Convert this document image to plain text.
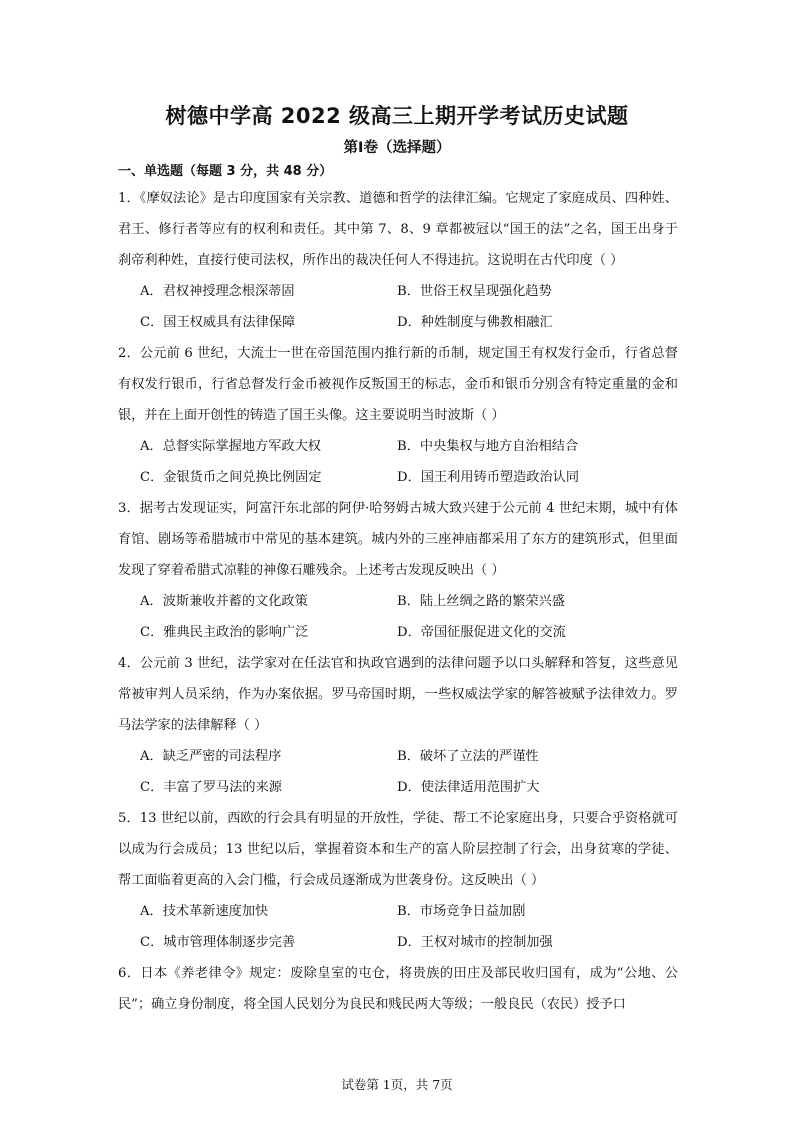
树德中学高 2022 级高三上期开学考试历史试题
第Ⅰ卷（选择题）
一、单选题（每题 3 分，共 48 分）

1．《摩奴法论》是古印度国家有关宗教、道德和哲学的法律汇编。它规定了家庭成员、四种姓、君王、修行者等应有的权利和责任。其中第 7、8、9 章都被冠以“国王的法”之名，国王出身于刹帝利种姓，直接行使司法权，所作出的裁决任何人不得违抗。这说明在古代印度（ ）

A．君权神授理念根深蒂固	B．世俗王权呈现强化趋势
C．国王权威具有法律保障	D．种姓制度与佛教相融汇

2．公元前 6 世纪，大流士一世在帝国范围内推行新的币制，规定国王有权发行金币，行省总督有权发行银币，行省总督发行金币被视作反叛国王的标志，金币和银币分别含有特定重量的金和银，并在上面开创性的铸造了国王头像。这主要说明当时波斯（ ）

A．总督实际掌握地方军政大权	B．中央集权与地方自治相结合
C．金银货币之间兑换比例固定	D．国王利用铸币塑造政治认同

3．据考古发现证实，阿富汗东北部的阿伊·哈努姆古城大致兴建于公元前 4 世纪末期，城中有体育馆、剧场等希腊城市中常见的基本建筑。城内外的三座神庙都采用了东方的建筑形式，但里面发现了穿着希腊式凉鞋的神像石雕残余。上述考古发现反映出（ ）

A．波斯兼收并蓄的文化政策	B．陆上丝绸之路的繁荣兴盛
C．雅典民主政治的影响广泛	D．帝国征服促进文化的交流

4．公元前 3 世纪，法学家对在任法官和执政官遇到的法律问题予以口头解释和答复，这些意见常被审判人员采纳，作为办案依据。罗马帝国时期，一些权威法学家的解答被赋予法律效力。罗马法学家的法律解释（ ）

A．缺乏严密的司法程序	B．破坏了立法的严谨性
C．丰富了罗马法的来源	D．使法律适用范围扩大

5．13 世纪以前，西欧的行会具有明显的开放性，学徒、帮工不论家庭出身，只要合乎资格就可以成为行会成员；13 世纪以后，掌握着资本和生产的富人阶层控制了行会，出身贫寒的学徒、帮工面临着更高的入会门槛，行会成员逐渐成为世袭身份。这反映出（ ）

A．技术革新速度加快	B．市场竞争日益加剧
C．城市管理体制逐步完善	D．王权对城市的控制加强

6．日本《养老律令》规定：废除皇室的屯仓，将贵族的田庄及部民收归国有，成为“公地、公民”；确立身份制度，将全国人民划分为良民和贱民两大等级；一般良民（农民）授予口

试卷第 1页，共 7页
